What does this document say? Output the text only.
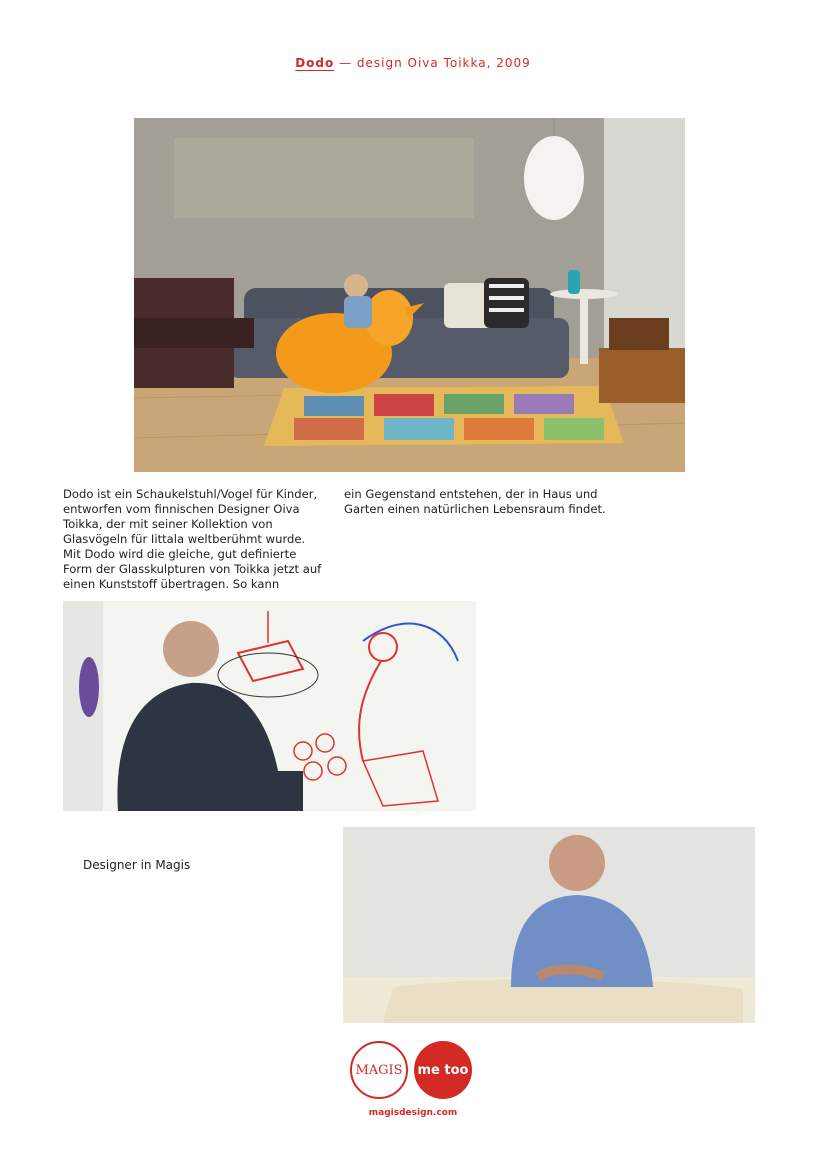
Dodo — design Oiva Toikka, 2009
Dodo ist ein Schaukelstuhl/Vogel für Kinder, entworfen vom finnischen Designer Oiva Toikka, der mit seiner Kollektion von Glasvögeln für Iittala weltberühmt wurde. Mit Dodo wird die gleiche, gut definierte Form der Glasskulpturen von Toikka jetzt auf einen Kunststoff übertragen. So kann
ein Gegenstand entstehen, der in Haus und Garten einen natürlichen Lebensraum findet.
Designer in Magis
MAGIS me too
magisdesign.com
